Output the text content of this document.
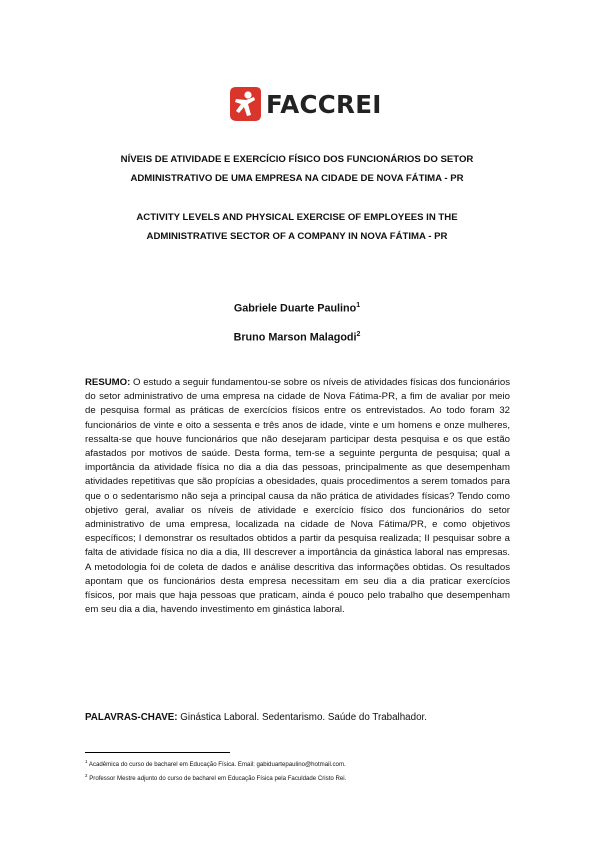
FACCREI
NÍVEIS DE ATIVIDADE E EXERCÍCIO FÍSICO DOS FUNCIONÁRIOS DO SETOR
ADMINISTRATIVO DE UMA EMPRESA NA CIDADE DE NOVA FÁTIMA - PR
ACTIVITY LEVELS AND PHYSICAL EXERCISE OF EMPLOYEES IN THE
ADMINISTRATIVE SECTOR OF A COMPANY IN NOVA FÁTIMA - PR
Gabriele Duarte Paulino$^1$
Bruno Marson Malagodi$^2$
RESUMO: O estudo a seguir fundamentou-se sobre os níveis de atividades físicas dos funcionários do setor administrativo de uma empresa na cidade de Nova Fátima-PR, a fim de avaliar por meio de pesquisa formal as práticas de exercícios físicos entre os entrevistados. Ao todo foram 32 funcionários de vinte e oito a sessenta e três anos de idade, vinte e um homens e onze mulheres, ressalta-se que houve funcionários que não desejaram participar desta pesquisa e os que estão afastados por motivos de saúde. Desta forma, tem-se a seguinte pergunta de pesquisa; qual a importância da atividade física no dia a dia das pessoas, principalmente as que desempenham atividades repetitivas que são propícias a obesidades, quais procedimentos a serem tomados para que o o sedentarismo não seja a principal causa da não prática de atividades físicas? Tendo como objetivo geral, avaliar os níveis de atividade e exercício físico dos funcionários do setor administrativo de uma empresa, localizada na cidade de Nova Fátima/PR, e como objetivos específicos; I demonstrar os resultados obtidos a partir da pesquisa realizada; II pesquisar sobre a falta de atividade física no dia a dia, III descrever a importância da ginástica laboral nas empresas. A metodologia foi de coleta de dados e análise descritiva das informações obtidas. Os resultados apontam que os funcionários desta empresa necessitam em seu dia a dia praticar exercícios físicos, por mais que haja pessoas que praticam, ainda é pouco pelo trabalho que desempenham em seu dia a dia, havendo investimento em ginástica laboral.
PALAVRAS-CHAVE: Ginástica Laboral. Sedentarismo. Saúde do Trabalhador.
$^1$ Acadêmica do curso de bacharel em Educação Física. Email: gabiduartepaulino@hotmail.com.
$^2$ Professor Mestre adjunto do curso de bacharel em Educação Física pela Faculdade Cristo Rei.
